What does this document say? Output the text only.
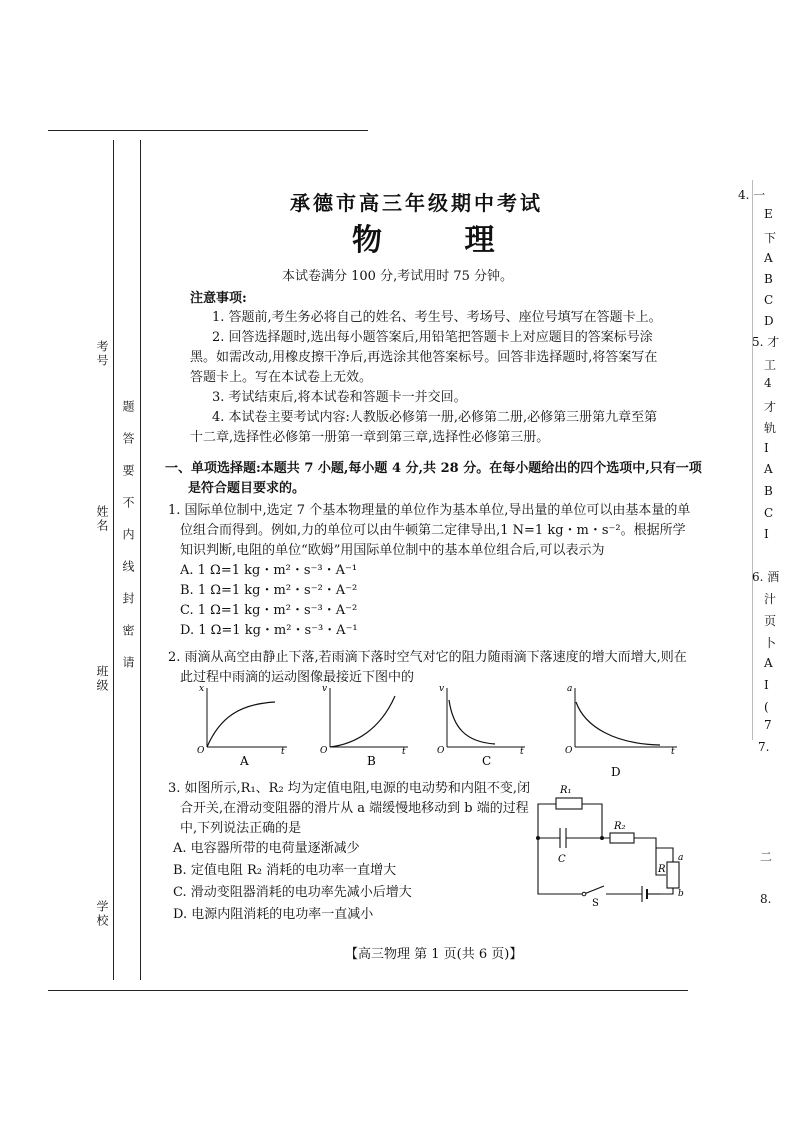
考号
姓名
班级
学校
题
答
要
不
内
线
封
密
请
承德市高三年级期中考试
物 理
本试卷满分 100 分,考试用时 75 分钟。
注意事项:
1. 答题前,考生务必将自己的姓名、考生号、考场号、座位号填写在答题卡上。
2. 回答选择题时,选出每小题答案后,用铅笔把答题卡上对应题目的答案标号涂
黑。如需改动,用橡皮擦干净后,再选涂其他答案标号。回答非选择题时,将答案写在
答题卡上。写在本试卷上无效。
3. 考试结束后,将本试卷和答题卡一并交回。
4. 本试卷主要考试内容:人教版必修第一册,必修第二册,必修第三册第九章至第
十二章,选择性必修第一册第一章到第三章,选择性必修第三册。
一、单项选择题:本题共 7 小题,每小题 4 分,共 28 分。在每小题给出的四个选项中,只有一项
是符合题目要求的。
1. 国际单位制中,选定 7 个基本物理量的单位作为基本单位,导出量的单位可以由基本量的单
位组合而得到。例如,力的单位可以由牛顿第二定律导出,1 N=1 kg・m・s⁻²。根据所学
知识判断,电阻的单位“欧姆”用国际单位制中的基本单位组合后,可以表示为
A. 1 Ω=1 kg・m²・s⁻³・A⁻¹
B. 1 Ω=1 kg・m²・s⁻²・A⁻²
C. 1 Ω=1 kg・m²・s⁻³・A⁻²
D. 1 Ω=1 kg・m²・s⁻³・A⁻¹
2. 雨滴从高空由静止下落,若雨滴下落时空气对它的阻力随雨滴下落速度的增大而增大,则在
此过程中雨滴的运动图像最接近下图中的
x
t
O
A
v
t
O
B
v
t
O
C
a
t
O
D
3. 如图所示,R₁、R₂ 均为定值电阻,电源的电动势和内阻不变,闭
合开关,在滑动变阻器的滑片从 a 端缓慢地移动到 b 端的过程
中,下列说法正确的是
A. 电容器所带的电荷量逐渐减少
B. 定值电阻 R₂ 消耗的电功率一直增大
C. 滑动变阻器消耗的电功率先减小后增大
D. 电源内阻消耗的电功率一直减小
R₁
R₂
C
R
a
b
S
【高三物理 第 1 页(共 6 页)】
4. 一
E
下
A
B
C
D
5. 才
工
4
才
轨
I
A
B
C
I
6. 酒
汁
页
卜
A
I
(
7
7.
二
8.
